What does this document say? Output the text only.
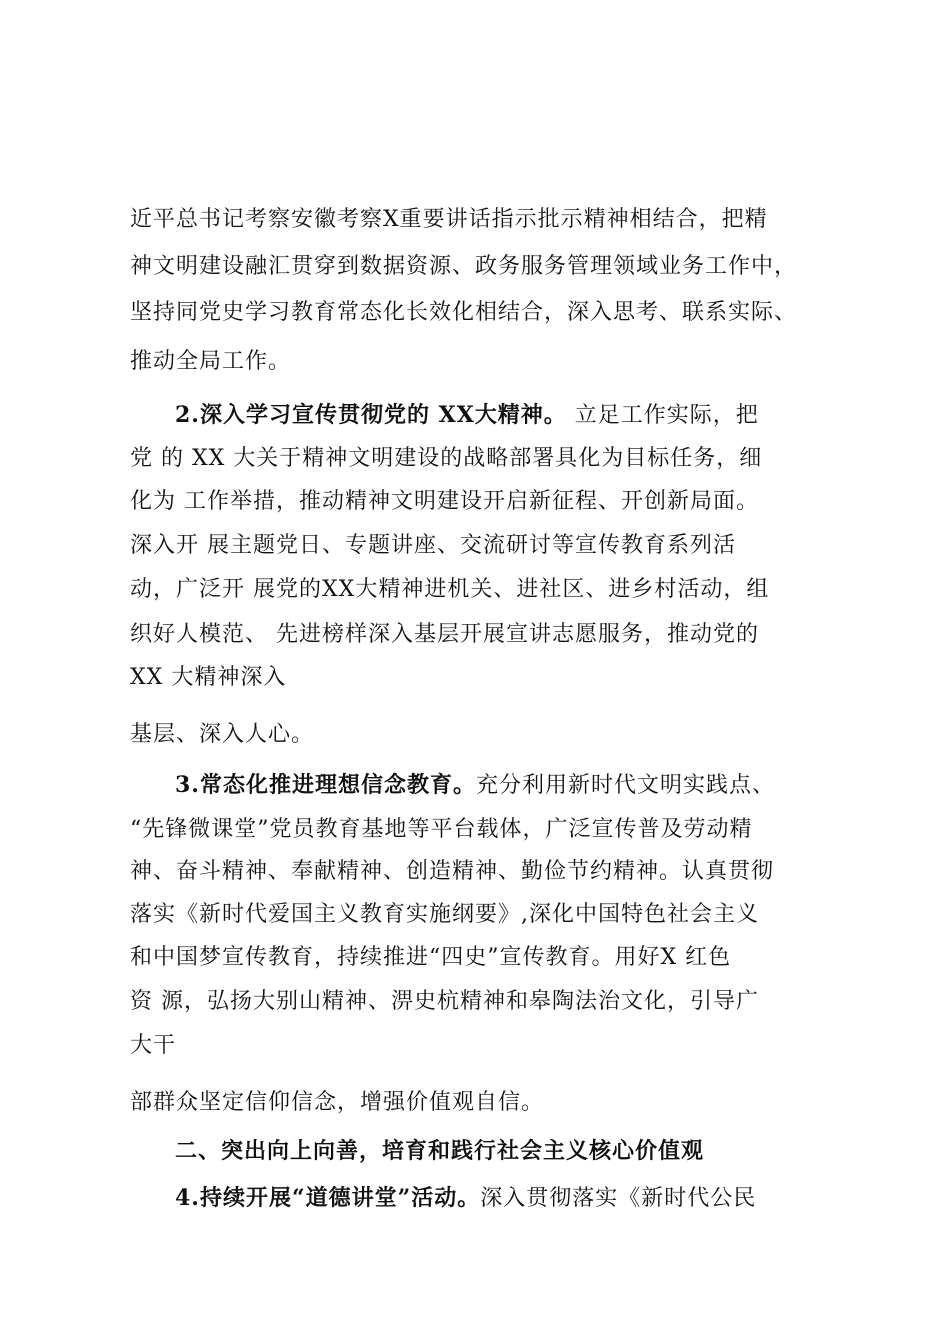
近平总书记考察安徽考察X重要讲话指示批示精神相结合，把精
神文明建设融汇贯穿到数据资源、政务服务管理领域业务工作中，
坚持同党史学习教育常态化长效化相结合，深入思考、联系实际、
推动全局工作。
2.深入学习宣传贯彻党的 XX大精神。 立足工作实际，把
党 的 XX 大关于精神文明建设的战略部署具化为目标任务，细
化为 工作举措，推动精神文明建设开启新征程、开创新局面。
深入开 展主题党日、专题讲座、交流研讨等宣传教育系列活
动，广泛开 展党的XX大精神进机关、进社区、进乡村活动，组
织好人模范、 先进榜样深入基层开展宣讲志愿服务，推动党的
XX 大精神深入
基层、深入人心。
3.常态化推进理想信念教育。充分利用新时代文明实践点、
“先锋微课堂”党员教育基地等平台载体，广泛宣传普及劳动精
神、奋斗精神、奉献精神、创造精神、勤俭节约精神。认真贯彻
落实《新时代爱国主义教育实施纲要》,深化中国特色社会主义
和中国梦宣传教育，持续推进“四史”宣传教育。用好X 红色
资 源，弘扬大别山精神、淠史杭精神和皋陶法治文化，引导广
大干
部群众坚定信仰信念，增强价值观自信。
二、突出向上向善，培育和践行社会主义核心价值观
4.持续开展“道德讲堂”活动。深入贯彻落实《新时代公民
